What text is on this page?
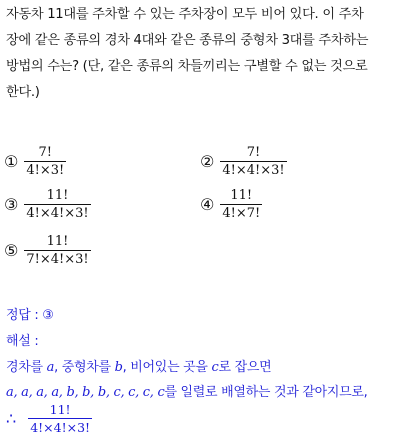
자동차 11대를 주차할 수 있는 주차장이 모두 비어 있다. 이 주차
장에 같은 종류의 경차 4대와 같은 종류의 중형차 3대를 주차하는
방법의 수는? (단, 같은 종류의 차들끼리는 구별할 수 없는 것으로
한다.)
① $\frac{7!}{4!\times 3!}$	② $\frac{7!}{4!\times 4!\times 3!}$
③ $\frac{11!}{4!\times 4!\times 3!}$	④ $\frac{11!}{4!\times 7!}$
⑤ $\frac{11!}{7!\times 4!\times 3!}$
정답 : ③
해설 :
경차를 a, 중형차를 b, 비어있는 곳을 c로 잡으면
a, a, a, a, b, b, b, c, c, c, c를 일렬로 배열하는 것과 같아지므로,
∴ $\frac{11!}{4!\times 4!\times 3!}$
